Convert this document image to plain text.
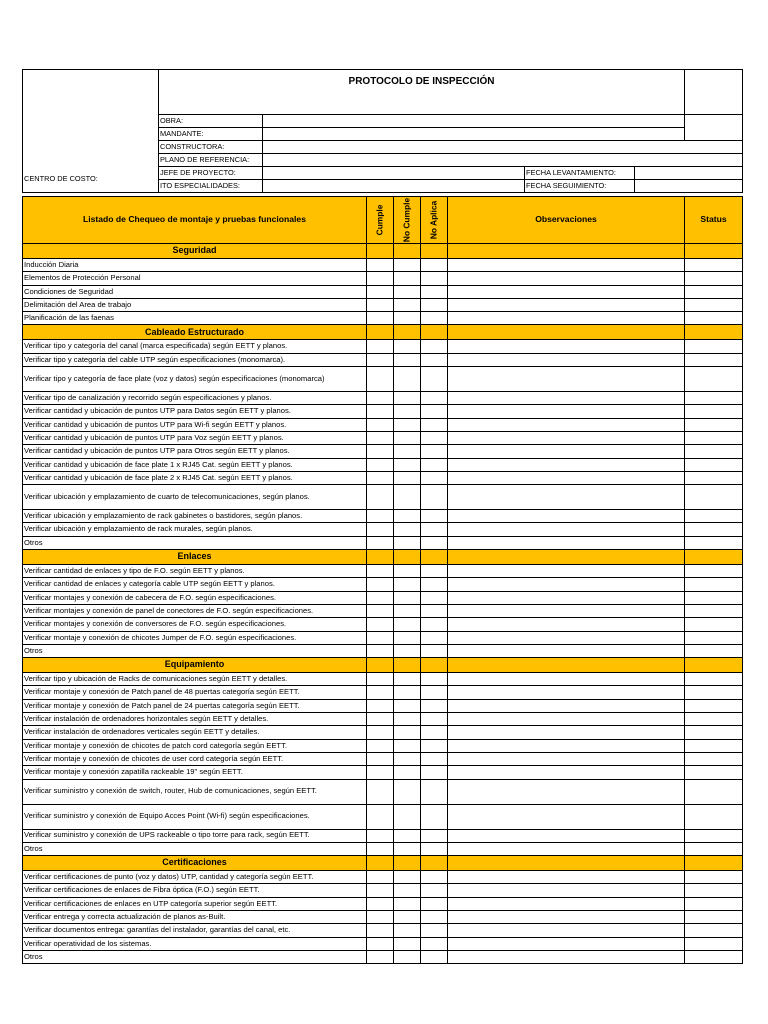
	PROTOCOLO DE INSPECCIÓN				
	OBRA:				
	MANDANTE:				
	CONSTRUCTORA:				
	PLANO DE REFERENCIA:				
CENTRO DE COSTO:	JEFE DE PROYECTO:		FECHA LEVANTAMIENTO:		
	ITO ESPECIALIDADES:		FECHA SEGUIMIENTO:		
Listado de Chequeo de montaje y pruebas funcionales	Cumple	No Cumple	No Aplica	Observaciones	Status
Seguridad					
Inducción Diaria					
Elementos de Protección Personal					
Condiciones de Seguridad					
Delimitación del Area de trabajo					
Planificación de las faenas					
Cableado Estructurado					
Verificar tipo y categoría del canal (marca especificada) según EETT y planos.					
Verificar tipo y categoría del cable UTP según especificaciones (monomarca).					
Verificar tipo y categoría de face plate (voz y datos) según especificaciones (monomarca)					
Verificar tipo de canalización y recorrido según especificaciones y planos.					
Verificar cantidad y ubicación de puntos UTP para Datos según EETT y planos.					
Verificar cantidad y ubicación de puntos UTP para Wi-fi según EETT y planos.					
Verificar cantidad y ubicación de puntos UTP para Voz según EETT y planos.					
Verificar cantidad y ubicación de puntos UTP para Otros según EETT y planos.					
Verificar cantidad y ubicación de face plate 1 x RJ45 Cat. según EETT y planos.					
Verificar cantidad y ubicación de face plate 2 x RJ45 Cat. según EETT y planos.					
Verificar ubicación y emplazamiento de cuarto de telecomunicaciones, según planos.					
Verificar ubicación y emplazamiento de rack gabinetes o bastidores, según planos.					
Verificar ubicación y emplazamiento de rack murales, según planos.					
Otros					
Enlaces					
Verificar cantidad de enlaces y tipo de F.O. según EETT y planos.					
Verificar cantidad de enlaces y categoría cable UTP según EETT y planos.					
Verificar montajes y conexión de cabecera de F.O. según especificaciones.					
Verificar montajes y conexión de panel de conectores de F.O. según especificaciones.					
Verificar montajes y conexión de conversores de F.O. según especificaciones.					
Verificar montaje y conexión de chicotes Jumper de F.O. según especificaciones.					
Otros					
Equipamiento					
Verificar tipo y ubicación de Racks de comunicaciones según EETT y detalles.					
Verificar montaje y conexión de Patch panel de 48 puertas categoría según EETT.					
Verificar montaje y conexión de Patch panel de 24 puertas categoría según EETT.					
Verificar instalación de ordenadores horizontales según EETT y detalles.					
Verificar instalación de ordenadores verticales según EETT y detalles.					
Verificar montaje y conexión de chicotes de patch cord categoría según EETT.					
Verificar montaje y conexión de chicotes de user cord categoría según EETT.					
Verificar montaje y conexión zapatilla rackeable 19" según EETT.					
Verificar suministro y conexión de switch, router, Hub de comunicaciones, según EETT.					
Verificar suministro y conexión de Equipo Acces Point (Wi-fi) según especificaciones.					
Verificar suministro y conexión de UPS rackeable o tipo torre para rack, según EETT.					
Otros					
Certificaciones					
Verificar certificaciones de punto (voz y datos) UTP, cantidad y categoría según EETT.					
Verificar certificaciones de enlaces de Fibra óptica (F.O.) según EETT.					
Verificar certificaciones de enlaces en UTP categoría superior según EETT.					
Verificar entrega y correcta actualización de planos as-Built.					
Verificar documentos entrega: garantías del instalador, garantías del canal, etc.					
Verificar operatividad de los sistemas.					
Otros					
